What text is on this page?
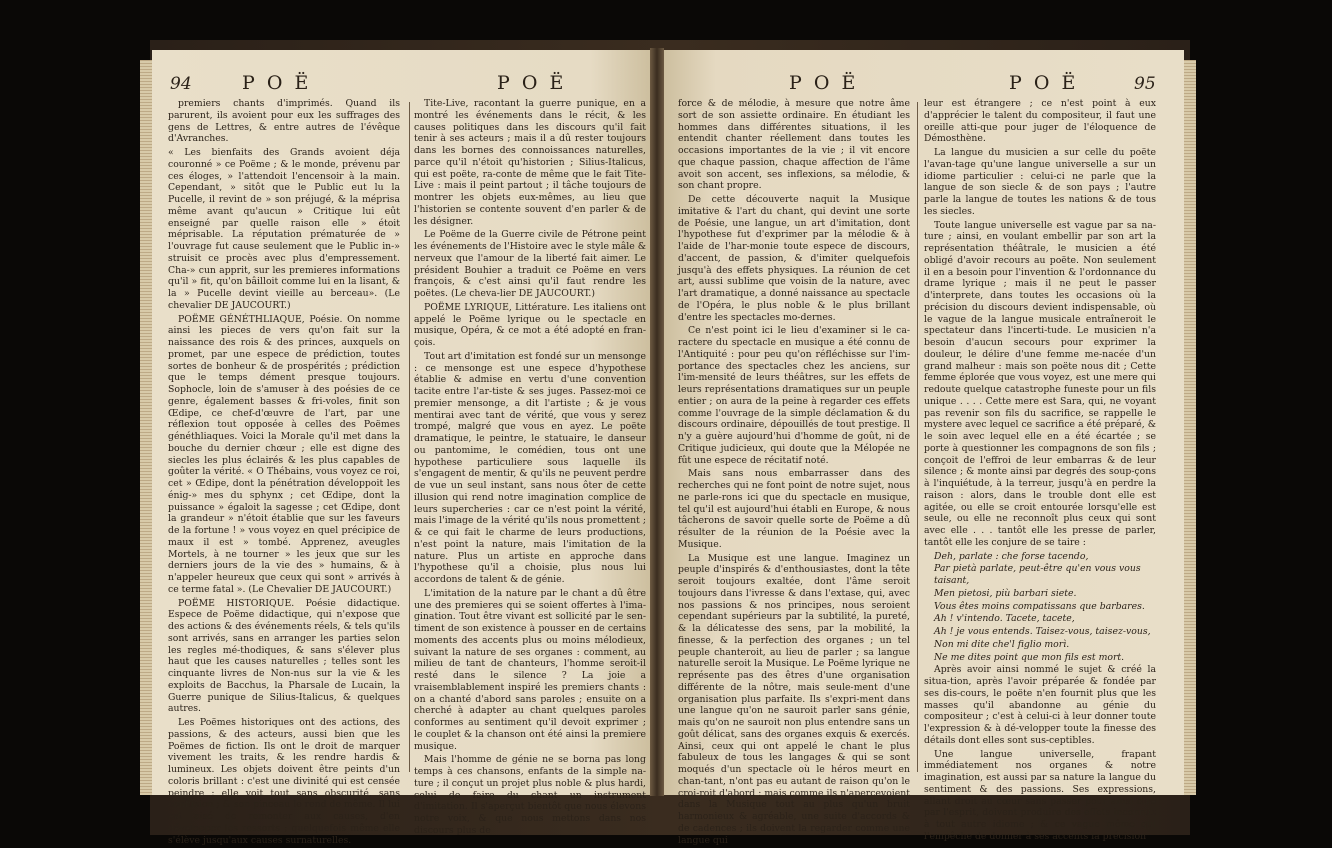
94	P O Ë	P O Ë

premiers chants d'imprimés. Quand ils parurent, ils avoient pour eux les suffrages des gens de Lettres, & entre autres de l'évêque d'Avranches.

« Les bienfaits des Grands avoient déja couronné » ce Poëme ; & le monde, prévenu par ces éloges, » l'attendoit l'encensoir à la main. Cependant, » sitôt que le Public eut lu la Pucelle, il revint de » son préjugé, & la méprisa même avant qu'aucun » Critique lui eût enseigné par quelle raison elle » étoit méprisable. La réputation prématurée de » l'ouvrage fut cause seulement que le Public in-» struisit ce procès avec plus d'empressement. Cha-» cun apprit, sur les premieres informations qu'il » fit, qu'on bâilloit comme lui en la lisant, & la » Pucelle devint vieille au berceau». (Le chevalier DE JAUCOURT.)

POËME GÉNÉTHLIAQUE, Poésie. On nomme ainsi les pieces de vers qu'on fait sur la naissance des rois & des princes, auxquels on promet, par une espece de prédiction, toutes sortes de bonheur & de prospérités ; prédiction que le temps dément presque toujours. Sophocle, loin de s'amuser à des poésies de ce genre, également basses & fri-voles, finit son Œdipe, ce chef-d'œuvre de l'art, par une réflexion tout opposée à celles des Poëmes généthliaques. Voici la Morale qu'il met dans la bouche du dernier chœur ; elle est digne des siecles les plus éclairés & les plus capables de goûter la vérité. « O Thébains, vous voyez ce roi, cet » Œdipe, dont la pénétration développoit les énig-» mes du sphynx ; cet Œdipe, dont la puissance » égaloit la sagesse ; cet Œdipe, dont la grandeur » n'étoit établie que sur les faveurs de la fortune ! » vous voyez en quel précipice de maux il est » tombé. Apprenez, aveugles Mortels, à ne tourner » les jeux que sur les derniers jours de la vie des » humains, & à n'appeler heureux que ceux qui sont » arrivés à ce terme fatal ». (Le Chevalier DE JAUCOURT.)

POËME HISTORIQUE. Poésie didactique. Espece de Poëme didactique, qui n'expose que des actions & des événements réels, & tels qu'ils sont arrivés, sans en arranger les parties selon les regles mé-thodiques, & sans s'élever plus haut que les causes naturelles ; telles sont les cinquante livres de Non-nus sur la vie & les exploits de Bacchus, la Pharsale de Lucain, la Guerre punique de Silius-Italicus, & quelques autres.

Les Poëmes historiques ont des actions, des passions, & des acteurs, aussi bien que les Poëmes de fiction. Ils ont le droit de marquer vivement les traits, & les rendre hardis & lumineux. Les objets doivent être peints d'un coloris brillant : c'est une divinité qui est censée peindre ; elle voit tout sans obscurité, sans confusion ; & son pinceau le rend de même. Il lui est aisé de remonter aux causes, d'en développer les ressorts ; quelquefois même elle s'élève jusqu'aux causes surnaturelles.

Tite-Live, racontant la guerre punique, en a montré les événements dans le récit, & les causes politiques dans les discours qu'il fait tenir à ses acteurs ; mais il a dû rester toujours dans les bornes des connoissances naturelles, parce qu'il n'étoit qu'historien ; Silius-Italicus, qui est poëte, ra-conte de même que le fait Tite-Live : mais il peint partout ; il tâche toujours de montrer les objets eux-mêmes, au lieu que l'historien se contente souvent d'en parler & de les désigner.

Le Poëme de la Guerre civile de Pétrone peint les événements de l'Histoire avec le style mâle & nerveux que l'amour de la liberté fait aimer. Le président Bouhier a traduit ce Poëme en vers françois, & c'est ainsi qu'il faut rendre les poëtes. (Le cheva-lier DE JAUCOURT.)

POËME LYRIQUE, Littérature. Les italiens ont appelé le Poëme lyrique ou le spectacle en musique, Opéra, & ce mot a été adopté en fran-çois.

Tout art d'imitation est fondé sur un mensonge : ce mensonge est une espece d'hypothese établie & admise en vertu d'une convention tacite entre l'ar-tiste & ses juges. Passez-moi ce premier mensonge, a dit l'artiste ; & je vous mentirai avec tant de vérité, que vous y serez trompé, malgré que vous en ayez. Le poëte dramatique, le peintre, le statuaire, le danseur ou pantomime, le comédien, tous ont une hypothese particuliere sous laquelle ils s'engagent de mentir, & qu'ils ne peuvent perdre de vue un seul instant, sans nous ôter de cette illusion qui rend notre imagination complice de leurs supercheries : car ce n'est point la vérité, mais l'image de la vérité qu'ils nous promettent ; & ce qui fait le charme de leurs productions, n'est point la nature, mais l'imitation de la nature. Plus un artiste en approche dans l'hypothese qu'il a choisie, plus nous lui accordons de talent & de génie.

L'imitation de la nature par le chant a dû être une des premieres qui se soient offertes à l'ima-gination. Tout être vivant est sollicité par le sen-timent de son existence à pousser en de certains moments des accents plus ou moins mélodieux, suivant la nature de ses organes : comment, au milieu de tant de chanteurs, l'homme seroit-il resté dans le silence ? La joie a vraisemblablement inspiré les premiers chants : on a chanté d'abord sans paroles ; ensuite on a cherché à adapter au chant quelques paroles conformes au sentiment qu'il devoit exprimer ; le couplet & la chanson ont été ainsi la premiere musique.

Mais l'homme de génie ne se borna pas long temps à ces chansons, enfants de la simple na-ture ; il conçut un projet plus noble & plus hardi, celui de faire du chant un instrument d'imitation. Il s'aperçut bientôt que nous élevons notre voix, & que nous mettons dans nos discours plus de

P O Ë	P O Ë	95

force & de mélodie, à mesure que notre âme sort de son assiette ordinaire. En étudiant les hommes dans différentes situations, il les entendit chanter réellement dans toutes les occasions importantes de la vie ; il vit encore que chaque passion, chaque affection de l'âme avoit son accent, ses inflexions, sa mélodie, & son chant propre.

De cette découverte naquit la Musique imitative & l'art du chant, qui devint une sorte de Poésie, une langue, un art d'imitation, dont l'hypothese fut d'exprimer par la mélodie & à l'aide de l'har-monie toute espece de discours, d'accent, de passion, & d'imiter quelquefois jusqu'à des effets physiques. La réunion de cet art, aussi sublime que voisin de la nature, avec l'art dramatique, a donné naissance au spectacle de l'Opéra, le plus noble & le plus brillant d'entre les spectacles mo-dernes.

Ce n'est point ici le lieu d'examiner si le ca-ractere du spectacle en musique a été connu de l'Antiquité : pour peu qu'on réfléchisse sur l'im-portance des spectacles chez les anciens, sur l'im-mensité de leurs théâtres, sur les effets de leurs représentations dramatiques sur un peuple entier ; on aura de la peine à regarder ces effets comme l'ouvrage de la simple déclamation & du discours ordinaire, dépouillés de tout prestige. Il n'y a guère aujourd'hui d'homme de goût, ni de Critique judicieux, qui doute que la Mélopée ne fût une espece de récitatif noté.

Mais sans nous embarrasser dans des recherches qui ne font point de notre sujet, nous ne parle-rons ici que du spectacle en musique, tel qu'il est aujourd'hui établi en Europe, & nous tâcherons de savoir quelle sorte de Poëme a dû résulter de la réunion de la Poésie avec la Musique.

La Musique est une langue. Imaginez un peuple d'inspirés & d'enthousiastes, dont la tête seroit toujours exaltée, dont l'âme seroit toujours dans l'ivresse & dans l'extase, qui, avec nos passions & nos principes, nous seroient cependant supérieurs par la subtilité, la pureté, & la délicatesse des sens, par la mobilité, la finesse, & la perfection des organes ; un tel peuple chanteroit, au lieu de parler ; sa langue naturelle seroit la Musique. Le Poëme lyrique ne représente pas des êtres d'une organisation différente de la nôtre, mais seule-ment d'une organisation plus parfaite. Ils s'expri-ment dans une langue qu'on ne sauroit parler sans génie, mais qu'on ne sauroit non plus entendre sans un goût délicat, sans des organes exquis & exercés. Ainsi, ceux qui ont appelé le chant le plus fabuleux de tous les langages & qui se sont moqués d'un spectacle où le héros meurt en chan-tant, n'ont pas eu autant de raison qu'on le croi-roit d'abord : mais comme ils n'apercevoient dans la Musique tout au plus qu'un bruit harmonieux & agréable, une suite d'accords & de cadences ; ils doivent la regarder comme une langue qui

leur est étrangere ; ce n'est point à eux d'apprécier le talent du compositeur, il faut une oreille atti-que pour juger de l'éloquence de Démosthène.

La langue du musicien a sur celle du poëte l'avan-tage qu'une langue universelle a sur un idiome particulier : celui-ci ne parle que la langue de son siecle & de son pays ; l'autre parle la langue de toutes les nations & de tous les siecles.

Toute langue universelle est vague par sa na-ture ; ainsi, en voulant embellir par son art la représentation théâtrale, le musicien a été obligé d'avoir recours au poëte. Non seulement il en a besoin pour l'invention & l'ordonnance du drame lyrique ; mais il ne peut le passer d'interprete, dans toutes les occasions où la précision du discours devient indispensable, où le vague de la langue musicale entraîneroit le spectateur dans l'incerti-tude. Le musicien n'a besoin d'aucun secours pour exprimer la douleur, le délire d'une femme me-nacée d'un grand malheur : mais son poëte nous dit ; Cette femme éplorée que vous voyez, est une mere qui redoute quelque catastrophe funeste pour un fils unique . . . . Cette mere est Sara, qui, ne voyant pas revenir son fils du sacrifice, se rappelle le mystere avec lequel ce sacrifice a été préparé, & le soin avec lequel elle en a été écartée ; se porte à questionner les compagnons de son fils ; conçoit de l'effroi de leur embarras & de leur silence ; & monte ainsi par degrés des soup-çons à l'inquiétude, à la terreur, jusqu'à en perdre la raison : alors, dans le trouble dont elle est agitée, ou elle se croit entourée lorsqu'elle est seule, ou elle ne reconnoît plus ceux qui sont avec elle . . . tantôt elle les presse de parler, tantôt elle les conjure de se taire :

Deh, parlate : che forse tacendo,

Par pietà parlate, peut-être qu'en vous vous taisant,

Men pietosi, più barbari siete.

Vous êtes moins compatissans que barbares.

Ah ! v'intendo. Tacete, tacete,

Ah ! je vous entends. Taisez-vous, taisez-vous,

Non mi dite che'l figlio morì.

Ne me dites point que mon fils est mort.

Après avoir ainsi nommé le sujet & créé la situa-tion, après l'avoir préparée & fondée par ses dis-cours, le poëte n'en fournit plus que les masses qu'il abandonne au génie du compositeur ; c'est à celui-ci à leur donner toute l'expression & à dé-velopper toute la finesse des détails dont elles sont sus-ceptibles.

Une langue universelle, frapant immédiatement nos organes & notre imagination, est aussi par sa nature la langue du sentiment & des passions. Ses expressions, allant droit au cœur sans passer pour ainsi dire par l'esprit, doivent produire des effets inconnus à tout autre idiome ; & ce vague même qui l'empêche de donner à ses accents la précision
